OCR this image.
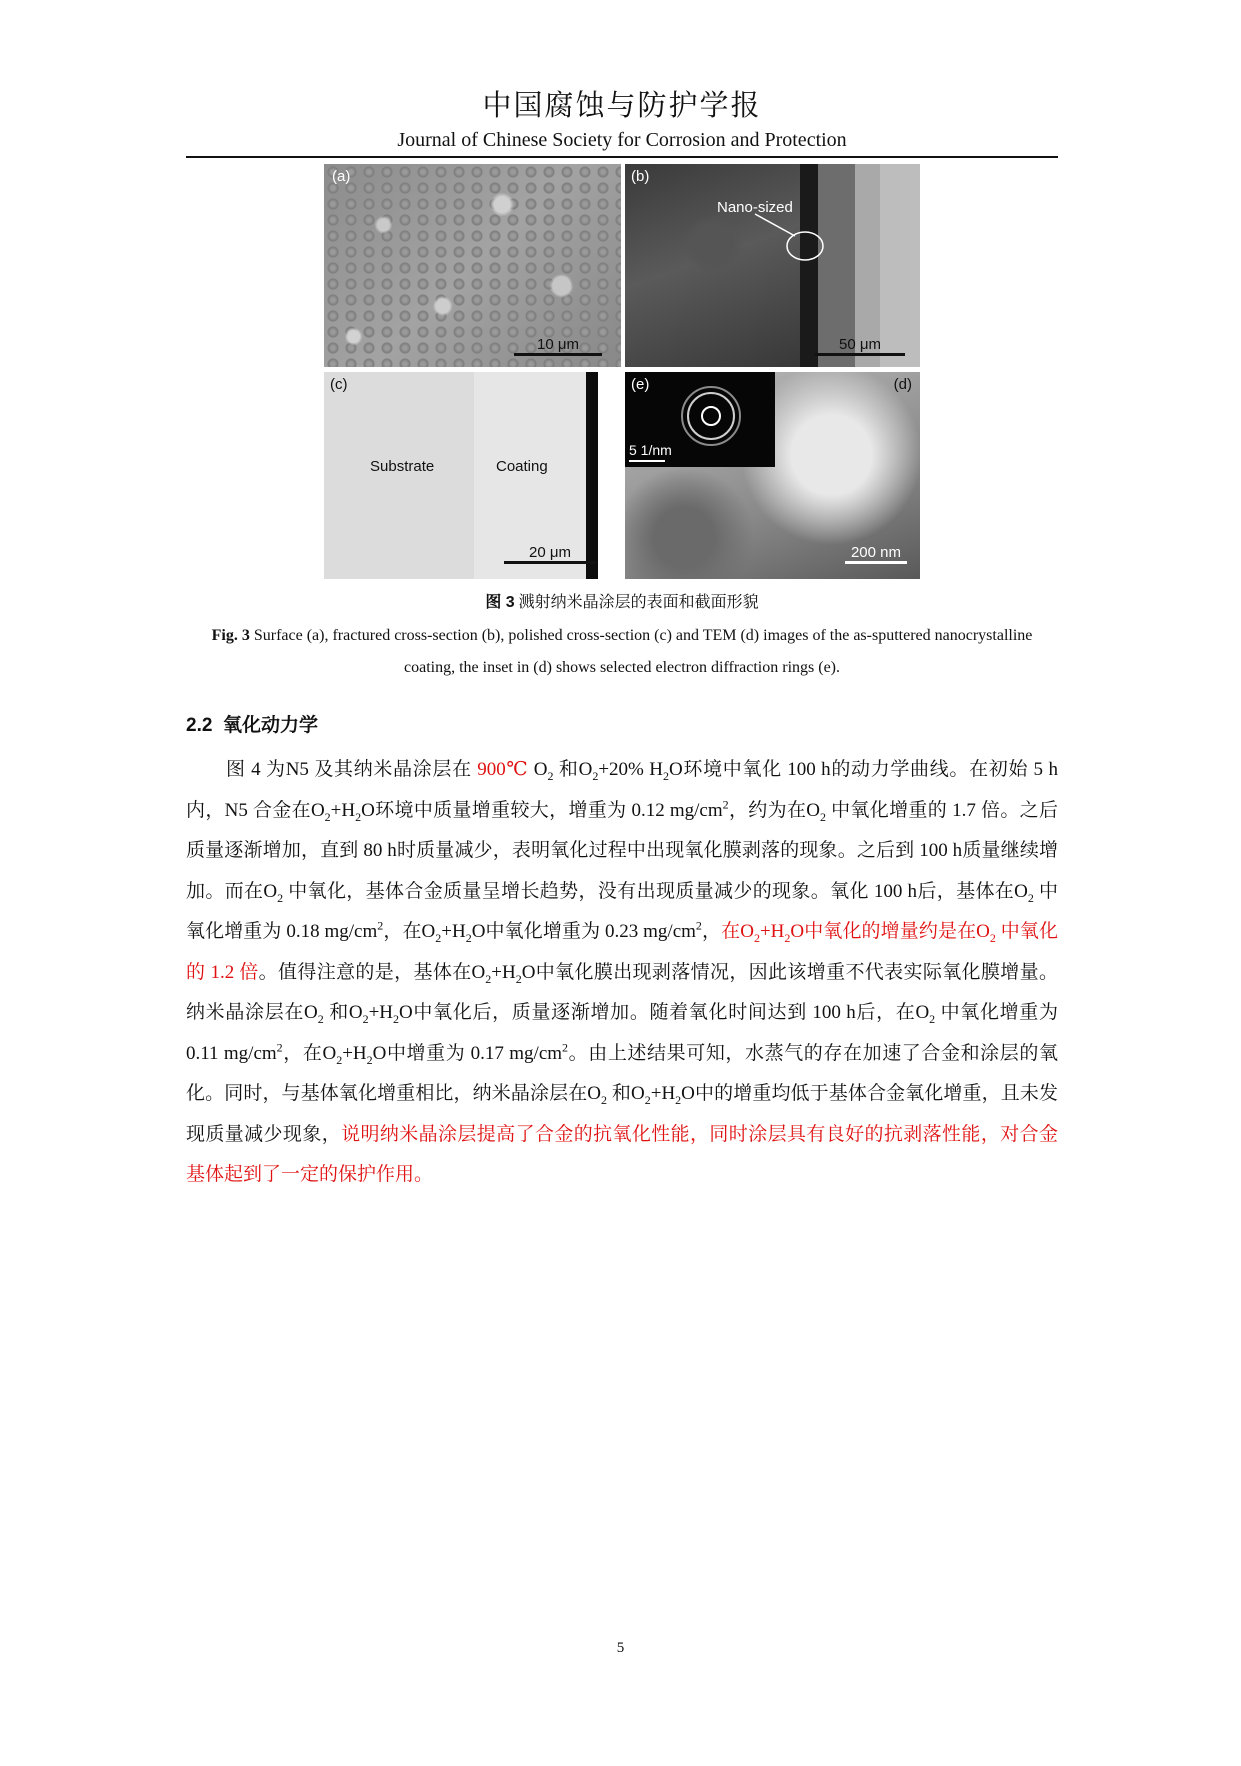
中国腐蚀与防护学报
Journal of Chinese Society for Corrosion and Protection
(a)
10 μm
(b)
Nano-sized
50 μm
(c)
Substrate	Coating
20 μm
(e)
5 1/nm
(d)
200 nm
图 3 溅射纳米晶涂层的表面和截面形貌
Fig. 3 Surface (a), fractured cross-section (b), polished cross-section (c) and TEM (d) images of the as-sputtered nanocrystalline coating, the inset in (d) shows selected electron diffraction rings (e).
2.2 氧化动力学

图 4 为N5 及其纳米晶涂层在 900℃ $O_2$ 和$O_2+20\%$ $H_2O$环境中氧化 100 h的动力学曲线。在初始 5 h内，N5 合金在$O_2+H_2O$环境中质量增重较大，增重为 0.12 $mg/cm^2$，约为在$O_2$ 中氧化增重的 1.7 倍。之后质量逐渐增加，直到 80 h时质量减少，表明氧化过程中出现氧化膜剥落的现象。之后到 100 h质量继续增加。而在$O_2$ 中氧化，基体合金质量呈增长趋势，没有出现质量减少的现象。氧化 100 h后，基体在$O_2$ 中氧化增重为 0.18 $mg/cm^2$，在$O_2+H_2O$中氧化增重为 0.23 $mg/cm^2$，在$O_2+H_2O$中氧化的增量约是在$O_2$ 中氧化的 1.2 倍。值得注意的是，基体在$O_2+H_2O$中氧化膜出现剥落情况，因此该增重不代表实际氧化膜增量。纳米晶涂层在$O_2$ 和$O_2+H_2O$中氧化后，质量逐渐增加。随着氧化时间达到 100 h后，在$O_2$ 中氧化增重为 0.11 $mg/cm^2$，在$O_2+H_2O$中增重为 0.17 $mg/cm^2$。由上述结果可知，水蒸气的存在加速了合金和涂层的氧化。同时，与基体氧化增重相比，纳米晶涂层在$O_2$ 和$O_2+H_2O$中的增重均低于基体合金氧化增重，且未发现质量减少现象，说明纳米晶涂层提高了合金的抗氧化性能，同时涂层具有良好的抗剥落性能，对合金基体起到了一定的保护作用。

5
